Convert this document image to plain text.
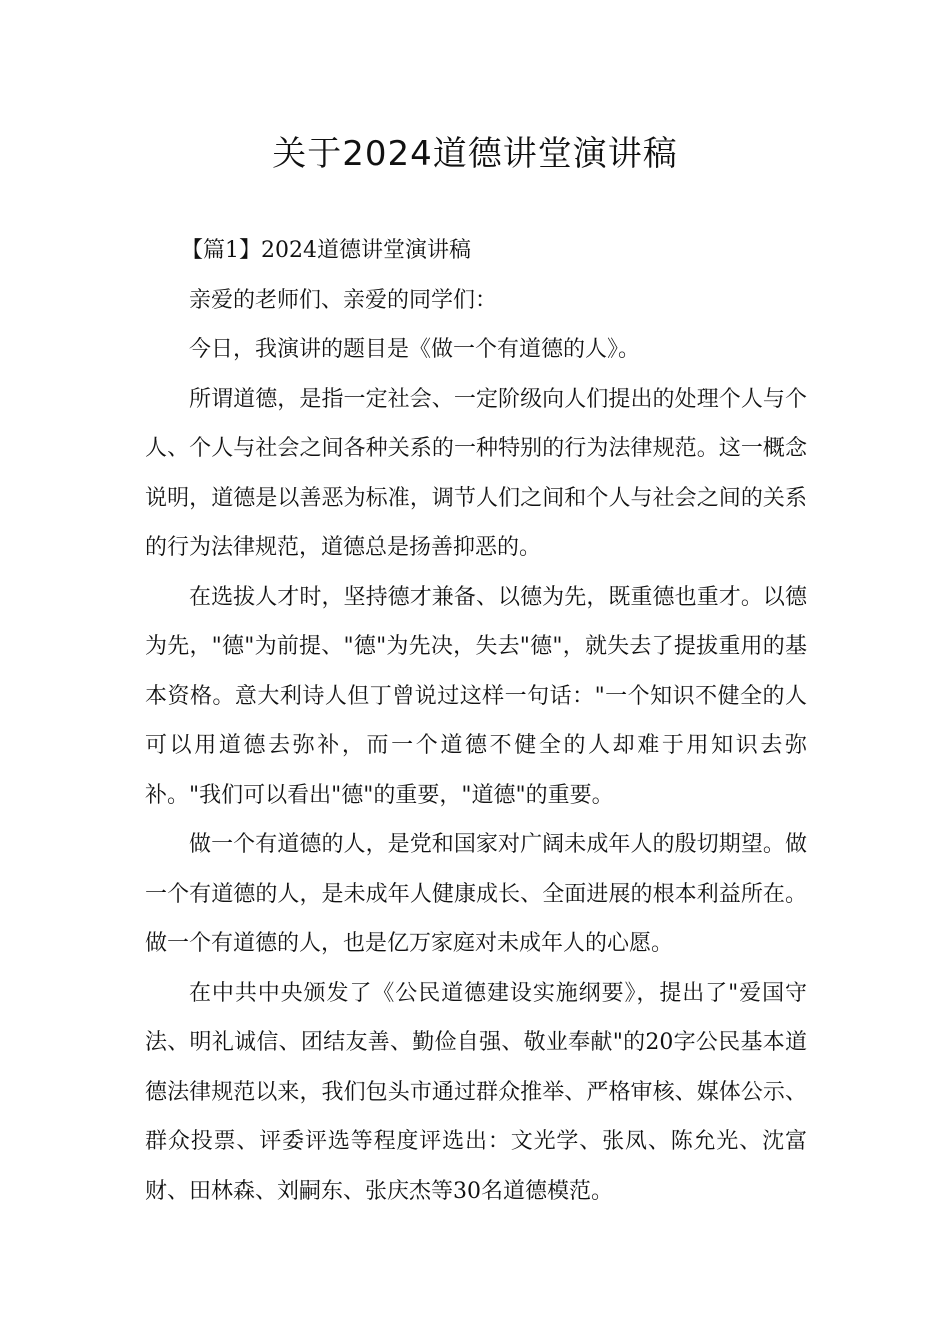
关于2024道德讲堂演讲稿

【篇1】2024道德讲堂演讲稿

亲爱的老师们、亲爱的同学们：

今日，我演讲的题目是《做一个有道德的人》。

所谓道德，是指一定社会、一定阶级向人们提出的处理个人与个人、个人与社会之间各种关系的一种特别的行为法律规范。这一概念说明，道德是以善恶为标准，调节人们之间和个人与社会之间的关系的行为法律规范，道德总是扬善抑恶的。

在选拔人才时，坚持德才兼备、以德为先，既重德也重才。以德为先，"德"为前提、"德"为先决，失去"德"，就失去了提拔重用的基本资格。意大利诗人但丁曾说过这样一句话："一个知识不健全的人可以用道德去弥补，而一个道德不健全的人却难于用知识去弥补。"我们可以看出"德"的重要，"道德"的重要。

做一个有道德的人，是党和国家对广阔未成年人的殷切期望。做一个有道德的人，是未成年人健康成长、全面进展的根本利益所在。做一个有道德的人，也是亿万家庭对未成年人的心愿。

在中共中央颁发了《公民道德建设实施纲要》，提出了"爱国守法、明礼诚信、团结友善、勤俭自强、敬业奉献"的20字公民基本道德法律规范以来，我们包头市通过群众推举、严格审核、媒体公示、群众投票、评委评选等程度评选出：文光学、张凤、陈允光、沈富财、田林森、刘嗣东、张庆杰等30名道德模范。
